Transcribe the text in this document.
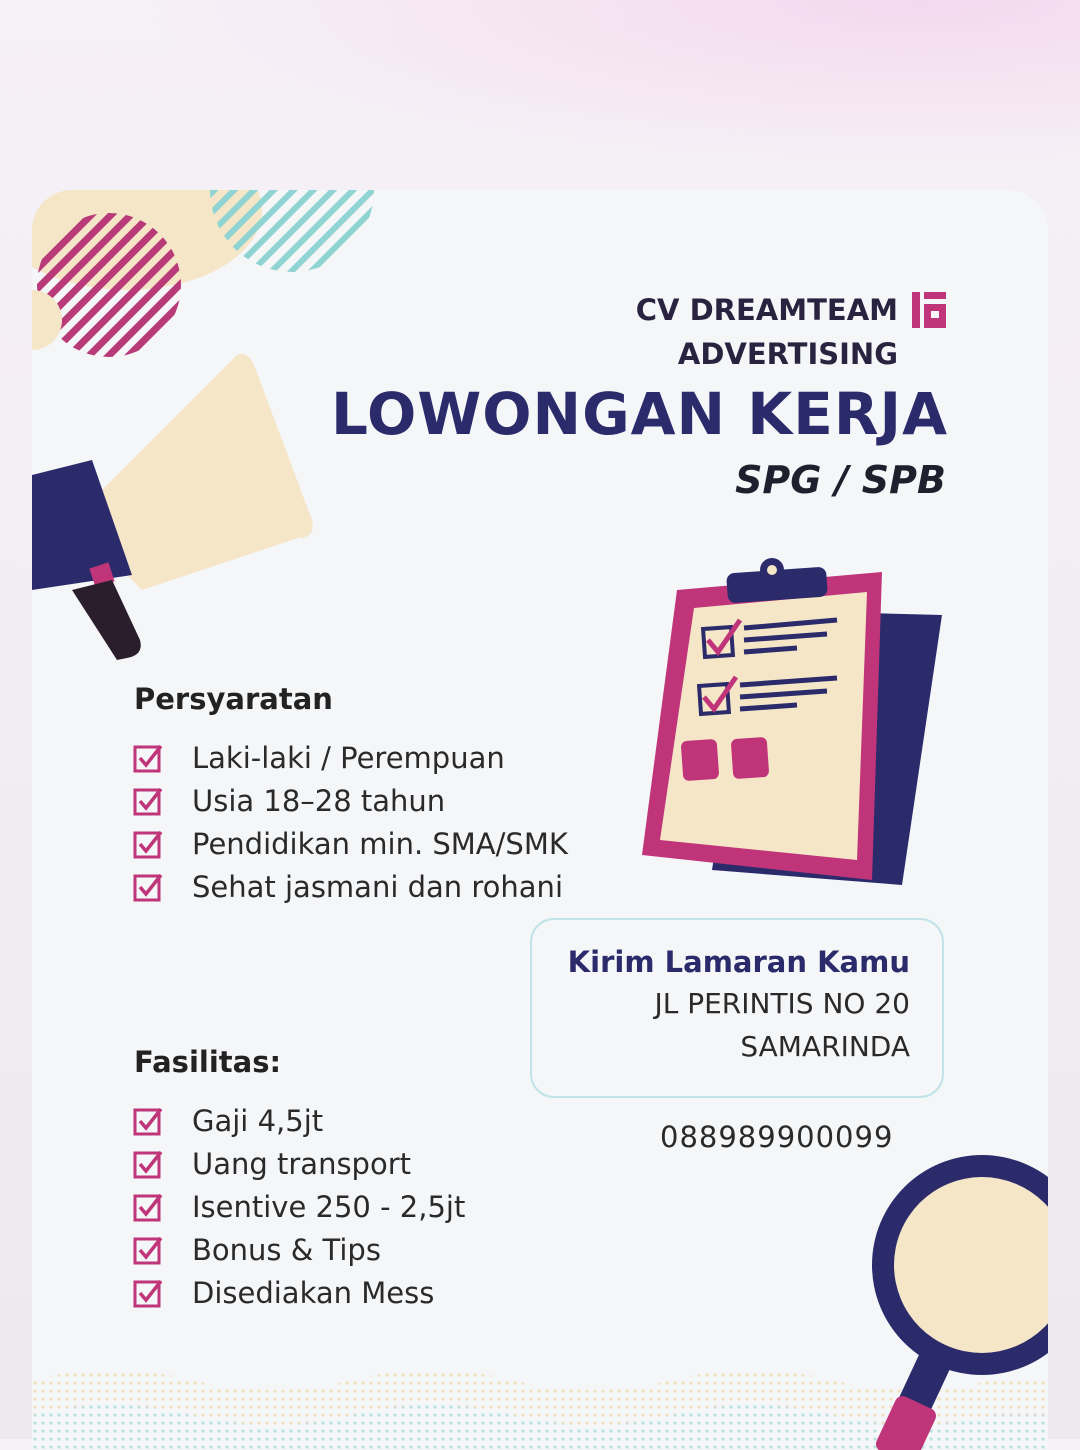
CV DREAMTEAM
ADVERTISING
LOWONGAN KERJA
SPG / SPB
Persyaratan
Laki-laki / Perempuan
Usia 18–28 tahun
Pendidikan min. SMA/SMK
Sehat jasmani dan rohani
Kirim Lamaran Kamu
JL PERINTIS NO 20
SAMARINDA
088989900099
Fasilitas:
Gaji 4,5jt
Uang transport
Isentive 250 - 2,5jt
Bonus & Tips
Disediakan Mess
